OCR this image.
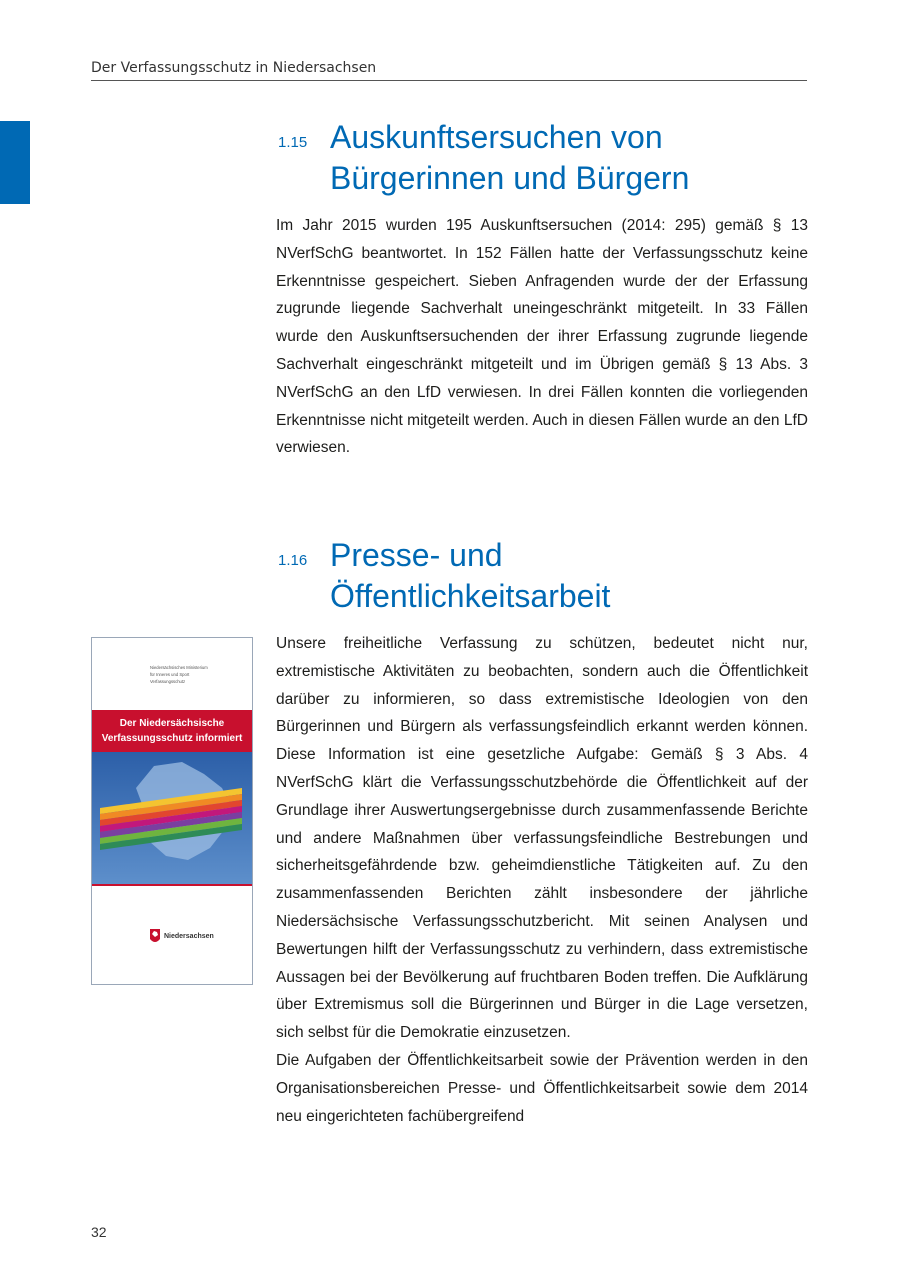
Der Verfassungsschutz in Niedersachsen
1.15 Auskunftsersuchen von
Bürgerinnen und Bürgern

Im Jahr 2015 wurden 195 Auskunftsersuchen (2014: 295) gemäß § 13 NVerfSchG beantwortet. In 152 Fällen hatte der Verfassungsschutz keine Erkenntnisse gespeichert. Sieben Anfragenden wurde der der Erfassung zugrunde liegende Sachverhalt uneingeschränkt mitgeteilt. In 33 Fällen wurde den Auskunftsersuchenden der ihrer Erfassung zugrunde liegende Sachverhalt eingeschränkt mitgeteilt und im Übrigen gemäß § 13 Abs. 3 NVerfSchG an den LfD verwiesen. In drei Fällen konnten die vorliegenden Erkenntnisse nicht mitgeteilt werden. Auch in diesen Fällen wurde an den LfD verwiesen.

1.16 Presse- und
Öffentlichkeitsarbeit

Unsere freiheitliche Verfassung zu schützen, bedeutet nicht nur, extremistische Aktivitäten zu beobachten, sondern auch die Öffentlichkeit darüber zu informieren, so dass extremistische Ideologien von den Bürgerinnen und Bürgern als verfassungsfeindlich erkannt werden können. Diese Information ist eine gesetzliche Aufgabe: Gemäß § 3 Abs. 4 NVerfSchG klärt die Verfassungsschutzbehörde die Öffentlichkeit auf der Grundlage ihrer Auswertungsergebnisse durch zusammenfassende Berichte und andere Maßnahmen über verfassungsfeindliche Bestrebungen und sicherheitsgefährdende bzw. geheimdienstliche Tätigkeiten auf. Zu den zusammenfassenden Berichten zählt insbesondere der jährliche Niedersächsische Verfassungsschutzbericht. Mit seinen Analysen und Bewertungen hilft der Verfassungsschutz zu verhindern, dass extremistische Aussagen bei der Bevölkerung auf fruchtbaren Boden treffen. Die Aufklärung über Extremismus soll die Bürgerinnen und Bürger in die Lage versetzen, sich selbst für die Demokratie einzusetzen.

Die Aufgaben der Öffentlichkeitsarbeit sowie der Prävention werden in den Organisationsbereichen Presse- und Öffentlichkeitsarbeit sowie dem 2014 neu eingerichteten fachübergreifend

Niedersächsisches Ministerium
für Inneres und Sport
Verfassungsschutz
Der Niedersächsische
Verfassungsschutz informiert
Niedersachsen
32
